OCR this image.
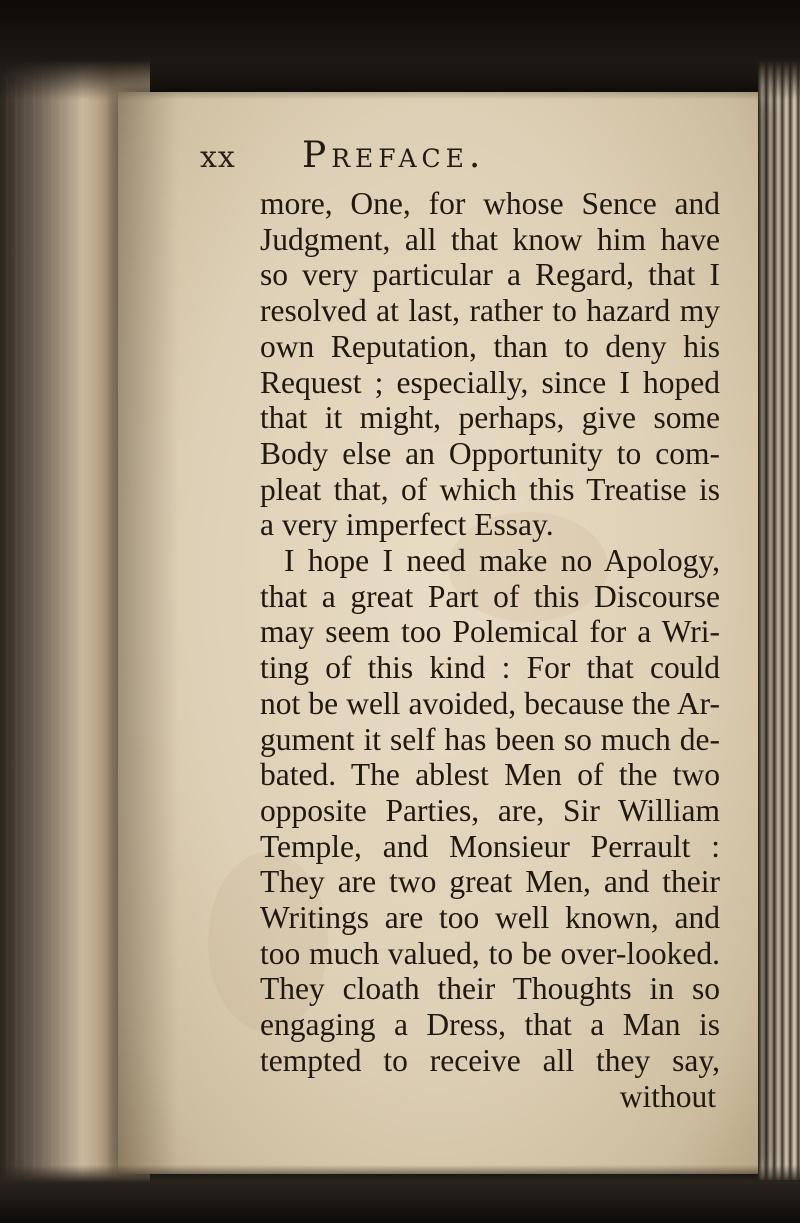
xx Preface.
more, One, for whose Sence and
Judgment, all that know him have
so very particular a Regard, that I
resolved at last, rather to hazard my
own Reputation, than to deny his
Request ; especially, since I hoped
that it might, perhaps, give some
Body else an Opportunity to com-
pleat that, of which this Treatise is
a very imperfect Essay.
I hope I need make no Apology,
that a great Part of this Discourse
may seem too Polemical for a Wri-
ting of this kind : For that could
not be well avoided, because the Ar-
gument it self has been so much de-
bated. The ablest Men of the two
opposite Parties, are, Sir William
Temple, and Monsieur Perrault :
They are two great Men, and their
Writings are too well known, and
too much valued, to be over-looked.
They cloath their Thoughts in so
engaging a Dress, that a Man is
tempted to receive all they say,
without
